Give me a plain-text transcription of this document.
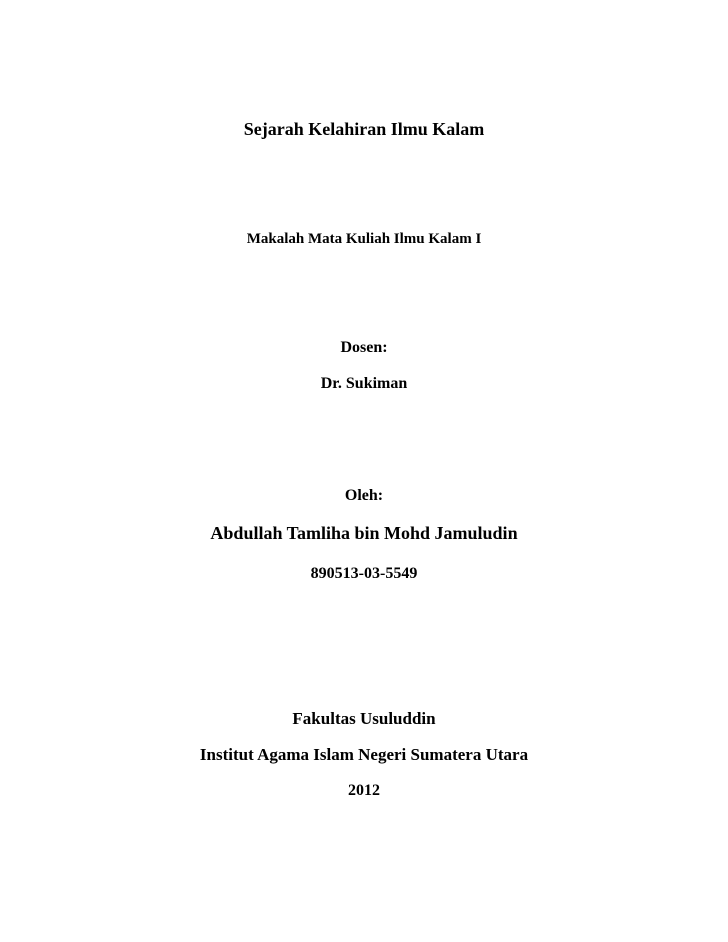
Sejarah Kelahiran Ilmu Kalam
Makalah Mata Kuliah Ilmu Kalam I
Dosen:
Dr. Sukiman
Oleh:
Abdullah Tamliha bin Mohd Jamuludin
890513-03-5549
Fakultas Usuluddin
Institut Agama Islam Negeri Sumatera Utara
2012
